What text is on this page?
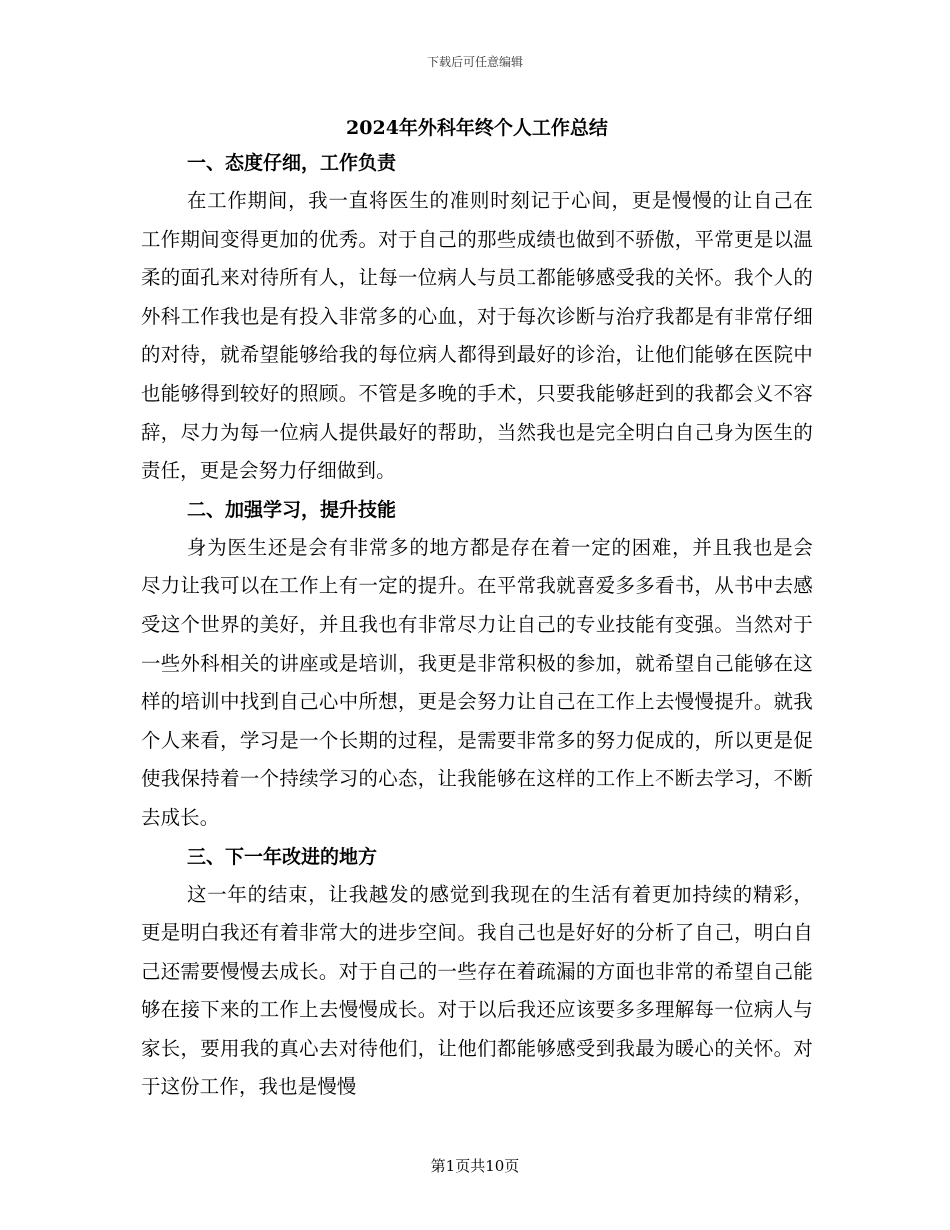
下载后可任意编辑
2024年外科年终个人工作总结
一、态度仔细，工作负责

在工作期间，我一直将医生的准则时刻记于心间，更是慢慢的让自己在工作期间变得更加的优秀。对于自己的那些成绩也做到不骄傲，平常更是以温柔的面孔来对待所有人，让每一位病人与员工都能够感受我的关怀。我个人的外科工作我也是有投入非常多的心血，对于每次诊断与治疗我都是有非常仔细的对待，就希望能够给我的每位病人都得到最好的诊治，让他们能够在医院中也能够得到较好的照顾。不管是多晚的手术，只要我能够赶到的我都会义不容辞，尽力为每一位病人提供最好的帮助，当然我也是完全明白自己身为医生的责任，更是会努力仔细做到。

二、加强学习，提升技能

身为医生还是会有非常多的地方都是存在着一定的困难，并且我也是会尽力让我可以在工作上有一定的提升。在平常我就喜爱多多看书，从书中去感受这个世界的美好，并且我也有非常尽力让自己的专业技能有变强。当然对于一些外科相关的讲座或是培训，我更是非常积极的参加，就希望自己能够在这样的培训中找到自己心中所想，更是会努力让自己在工作上去慢慢提升。就我个人来看，学习是一个长期的过程，是需要非常多的努力促成的，所以更是促使我保持着一个持续学习的心态，让我能够在这样的工作上不断去学习，不断去成长。

三、下一年改进的地方

这一年的结束，让我越发的感觉到我现在的生活有着更加持续的精彩，更是明白我还有着非常大的进步空间。我自己也是好好的分析了自己，明白自己还需要慢慢去成长。对于自己的一些存在着疏漏的方面也非常的希望自己能够在接下来的工作上去慢慢成长。对于以后我还应该要多多理解每一位病人与家长，要用我的真心去对待他们，让他们都能够感受到我最为暖心的关怀。对于这份工作，我也是慢慢

第1页共10页
